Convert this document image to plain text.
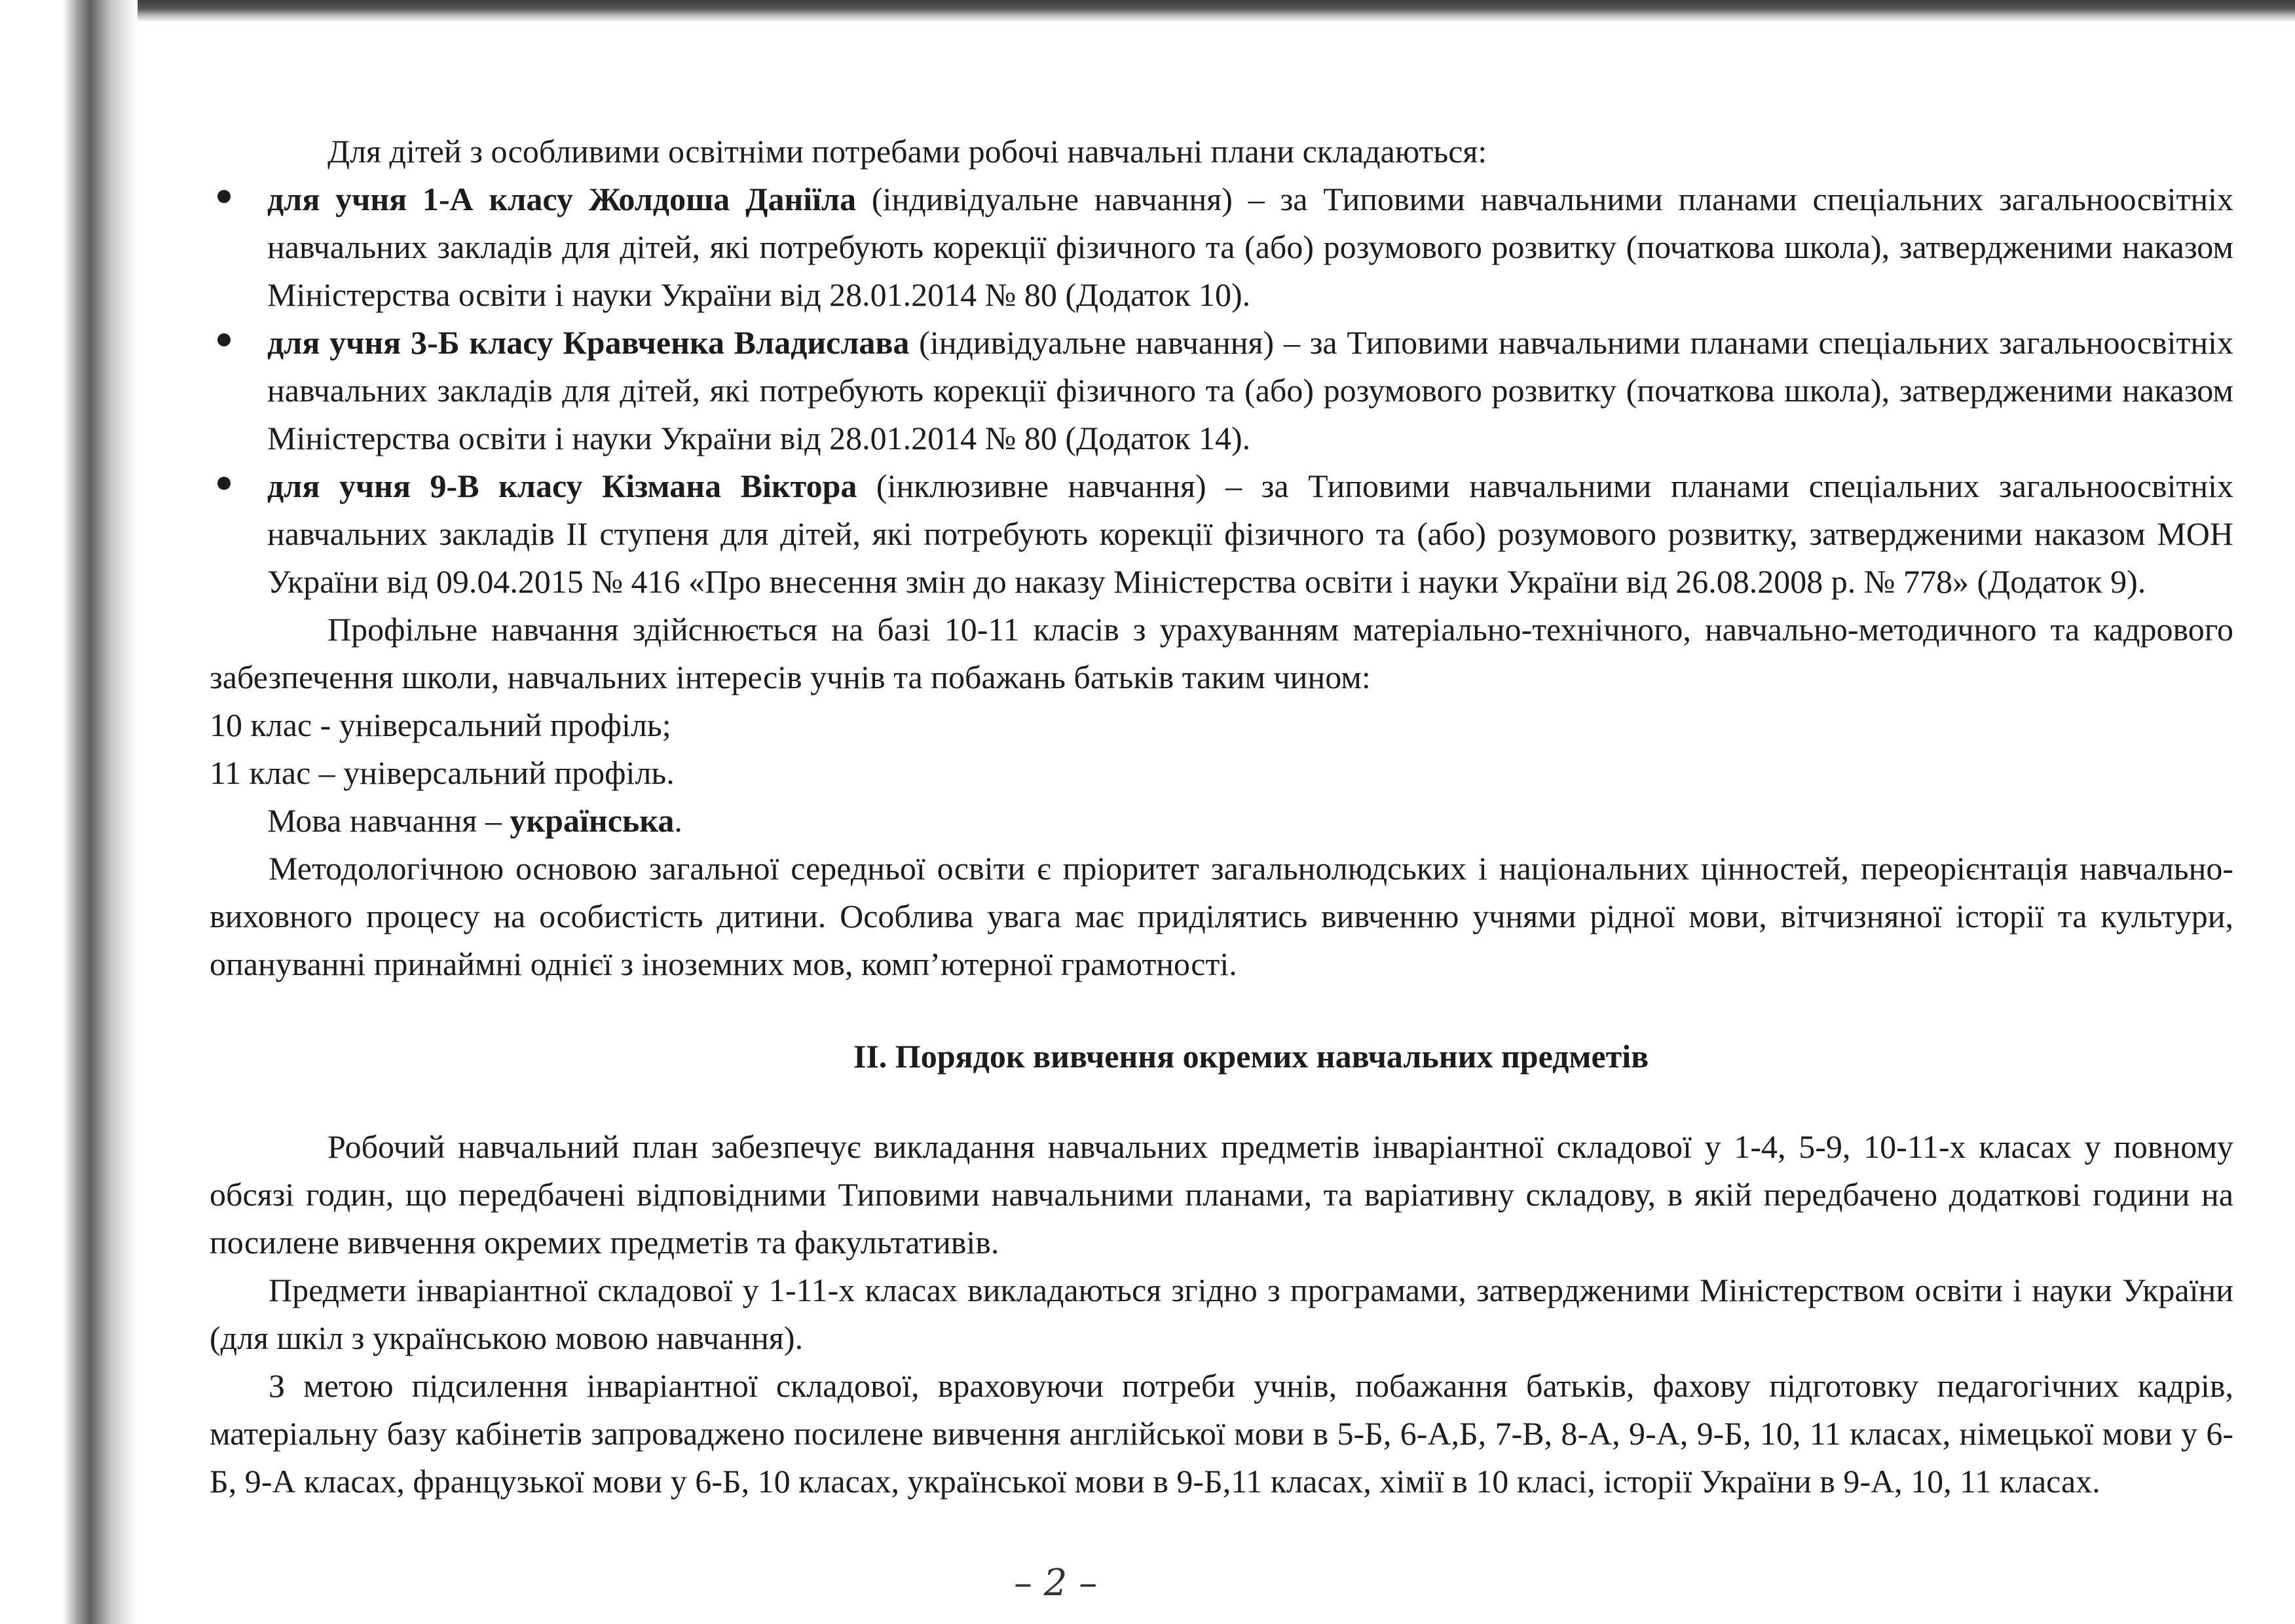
Для дітей з особливими освітніми потребами робочі навчальні плани складаються:

для учня 1-А класу Жолдоша Даніїла (індивідуальне навчання) – за Типовими навчальними планами спеціальних загальноосвітніх навчальних закладів для дітей, які потребують корекції фізичного та (або) розумового розвитку (початкова школа), затвердженими наказом Міністерства освіти і науки України від 28.01.2014 № 80 (Додаток 10).
для учня 3-Б класу Кравченка Владислава (індивідуальне навчання) – за Типовими навчальними планами спеціальних загальноосвітніх навчальних закладів для дітей, які потребують корекції фізичного та (або) розумового розвитку (початкова школа), затвердженими наказом Міністерства освіти і науки України від 28.01.2014 № 80 (Додаток 14).
для учня 9-В класу Кізмана Віктора (інклюзивне навчання) – за Типовими навчальними планами спеціальних загальноосвітніх навчальних закладів ІІ ступеня для дітей, які потребують корекції фізичного та (або) розумового розвитку, затвердженими наказом МОН України від 09.04.2015 № 416 «Про внесення змін до наказу Міністерства освіти і науки України від 26.08.2008 р. № 778» (Додаток 9).

Профільне навчання здійснюється на базі 10-11 класів з урахуванням матеріально-технічного, навчально-методичного та кадрового забезпечення школи, навчальних інтересів учнів та побажань батьків таким чином:

10 клас - універсальний профіль;

11 клас – універсальний профіль.

Мова навчання – українська.

Методологічною основою загальної середньої освіти є пріоритет загальнолюдських і національних цінностей, переорієнтація навчально-виховного процесу на особистість дитини. Особлива увага має приділятись вивченню учнями рідної мови, вітчизняної історії та культури, опануванні принаймні однієї з іноземних мов, комп’ютерної грамотності.

ІІ. Порядок вивчення окремих навчальних предметів

Робочий навчальний план забезпечує викладання навчальних предметів інваріантної складової у 1-4, 5-9, 10-11-х класах у повному обсязі годин, що передбачені відповідними Типовими навчальними планами, та варіативну складову, в якій передбачено додаткові години на посилене вивчення окремих предметів та факультативів.

Предмети інваріантної складової у 1-11-х класах викладаються згідно з програмами, затвердженими Міністерством освіти і науки України (для шкіл з українською мовою навчання).

З метою підсилення інваріантної складової, враховуючи потреби учнів, побажання батьків, фахову підготовку педагогічних кадрів, матеріальну базу кабінетів запроваджено посилене вивчення англійської мови в 5-Б, 6-А,Б, 7-В, 8-А, 9-А, 9-Б, 10, 11 класах, німецької мови у 6-Б, 9-А класах, французької мови у 6-Б, 10 класах, української мови в 9-Б,11 класах, хімії в 10 класі, історії України в 9-А, 10, 11 класах.

– 2 –
